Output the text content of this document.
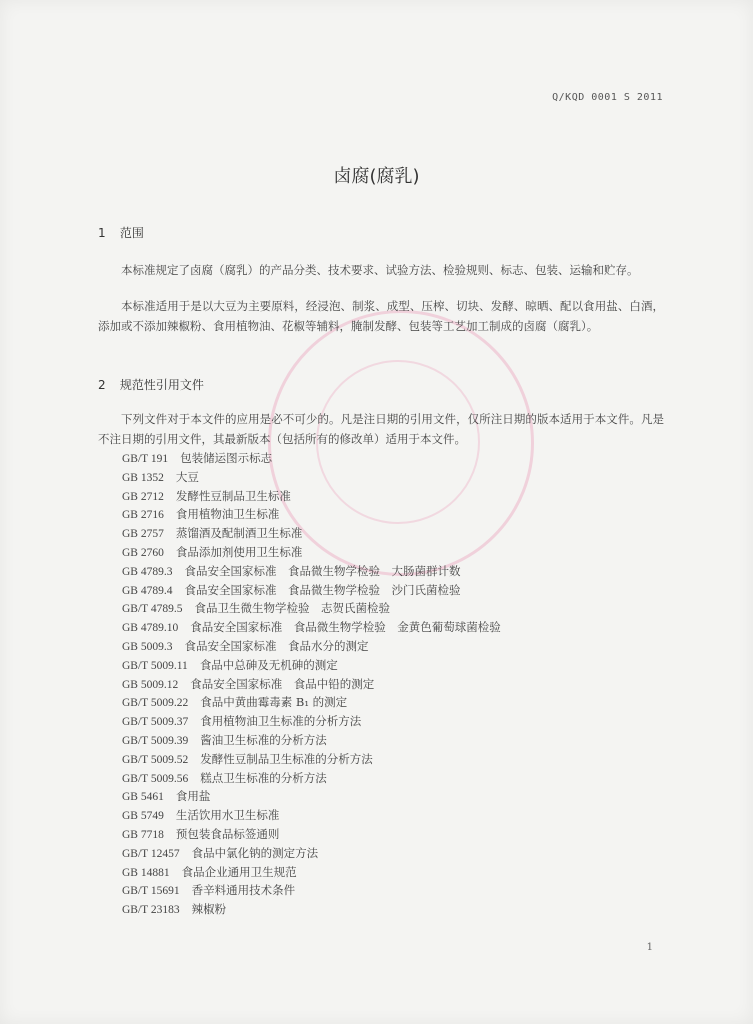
Q/KQD 0001 S 2011
卤腐(腐乳)
1 范围
本标准规定了卤腐（腐乳）的产品分类、技术要求、试验方法、检验规则、标志、包装、运输和贮存。
本标准适用于是以大豆为主要原料，经浸泡、制浆、成型、压榨、切块、发酵、晾晒、配以食用盐、白酒，添加或不添加辣椒粉、食用植物油、花椒等辅料，腌制发酵、包装等工艺加工制成的卤腐（腐乳）。
2 规范性引用文件
下列文件对于本文件的应用是必不可少的。凡是注日期的引用文件，仅所注日期的版本适用于本文件。凡是不注日期的引用文件，其最新版本（包括所有的修改单）适用于本文件。
GB/T 191 包装储运图示标志
GB 1352 大豆
GB 2712 发酵性豆制品卫生标准
GB 2716 食用植物油卫生标准
GB 2757 蒸馏酒及配制酒卫生标准
GB 2760 食品添加剂使用卫生标准
GB 4789.3 食品安全国家标准　食品微生物学检验　大肠菌群计数
GB 4789.4 食品安全国家标准　食品微生物学检验　沙门氏菌检验
GB/T 4789.5 食品卫生微生物学检验　志贺氏菌检验
GB 4789.10 食品安全国家标准　食品微生物学检验　金黄色葡萄球菌检验
GB 5009.3 食品安全国家标准　食品水分的测定
GB/T 5009.11 食品中总砷及无机砷的测定
GB 5009.12 食品安全国家标准　食品中铅的测定
GB/T 5009.22 食品中黄曲霉毒素 B₁ 的测定
GB/T 5009.37 食用植物油卫生标准的分析方法
GB/T 5009.39 酱油卫生标准的分析方法
GB/T 5009.52 发酵性豆制品卫生标准的分析方法
GB/T 5009.56 糕点卫生标准的分析方法
GB 5461 食用盐
GB 5749 生活饮用水卫生标准
GB 7718 预包装食品标签通则
GB/T 12457 食品中氯化钠的测定方法
GB 14881 食品企业通用卫生规范
GB/T 15691 香辛料通用技术条件
GB/T 23183 辣椒粉
1
